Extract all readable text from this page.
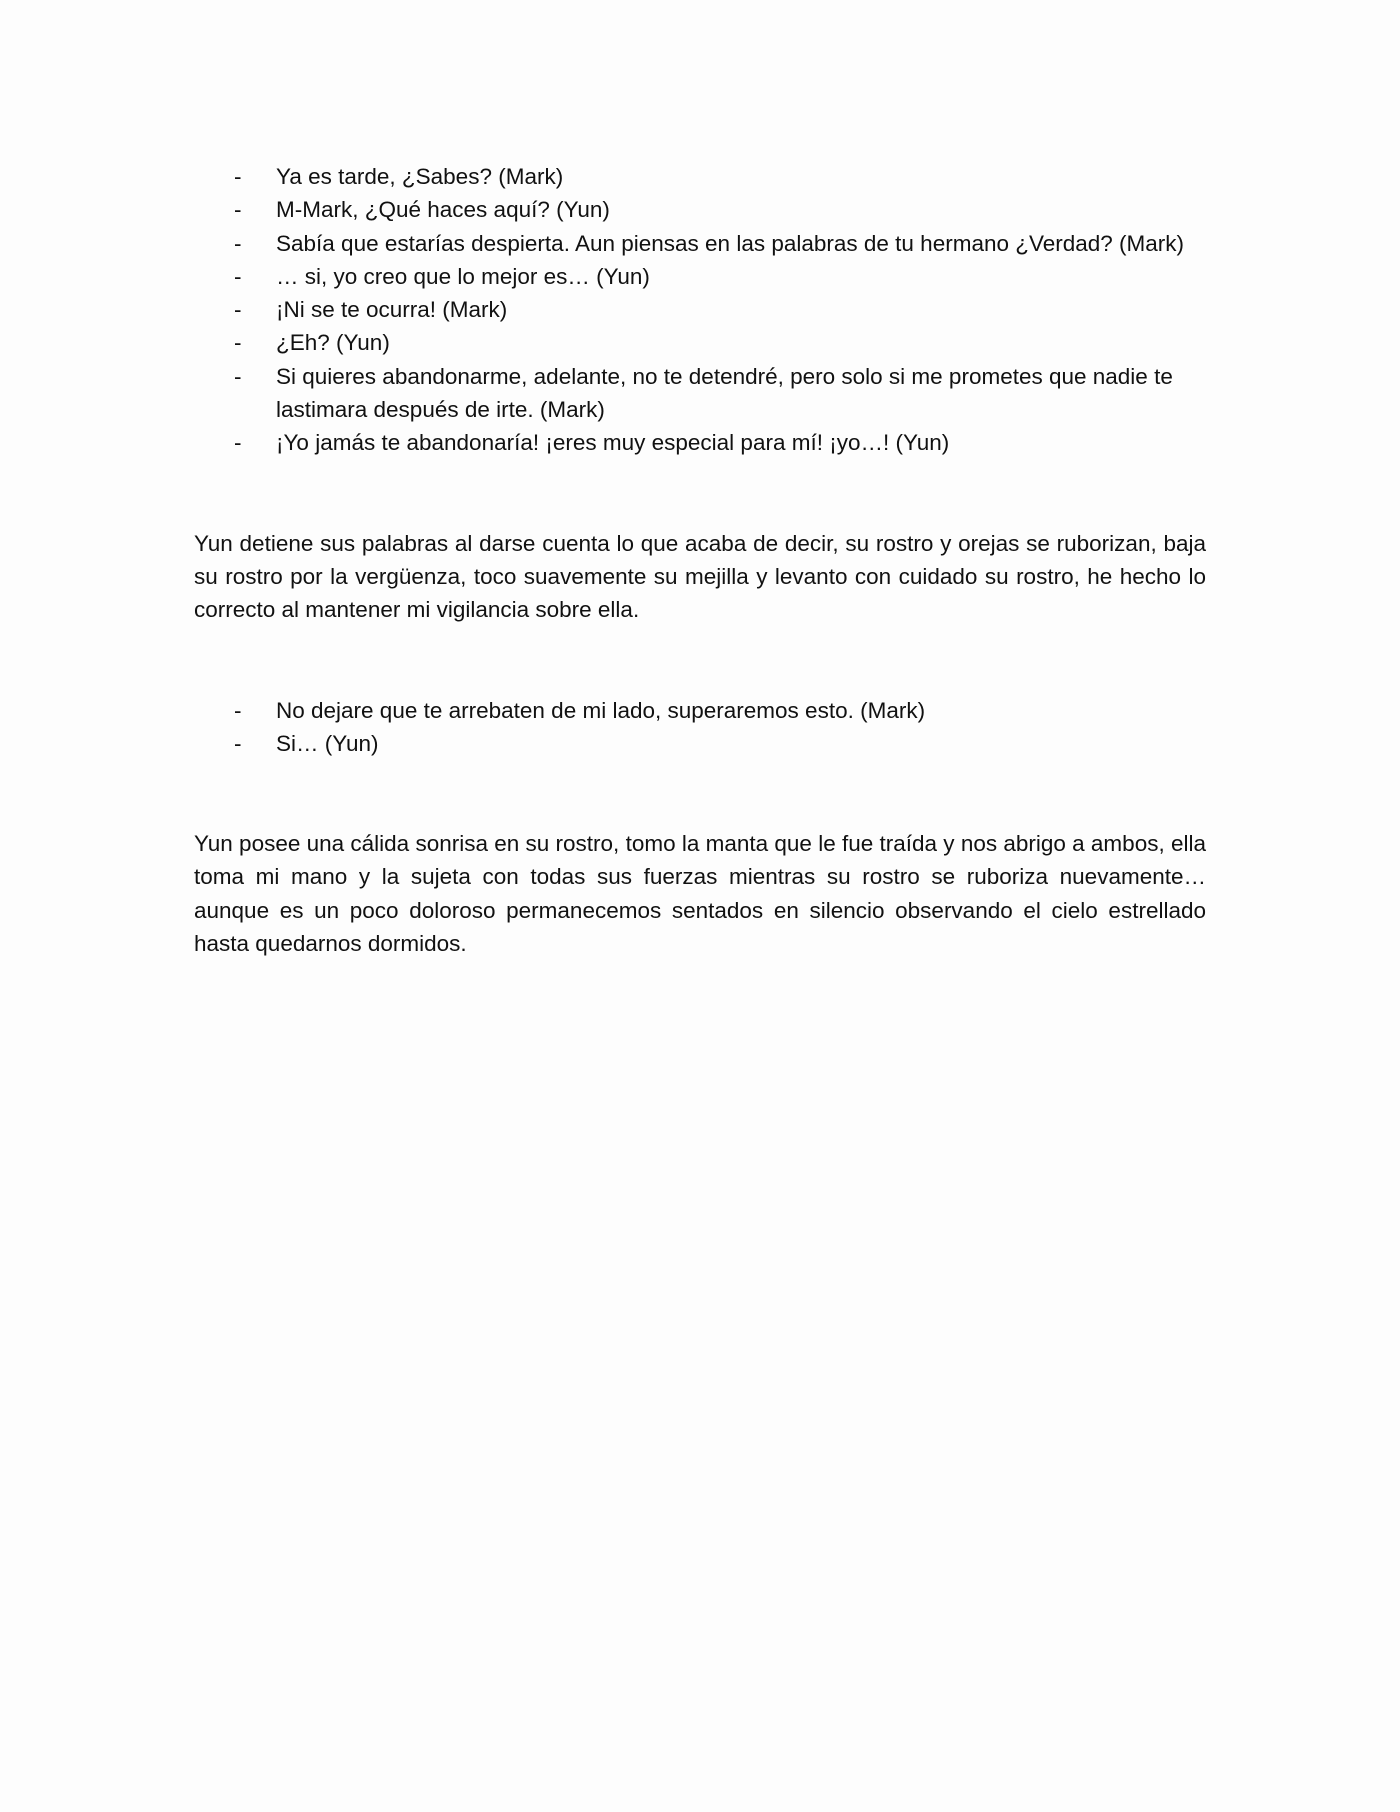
- Ya es tarde, ¿Sabes? (Mark)
- M-Mark, ¿Qué haces aquí? (Yun)
- Sabía que estarías despierta. Aun piensas en las palabras de tu hermano ¿Verdad? (Mark)
- … si, yo creo que lo mejor es… (Yun)
- ¡Ni se te ocurra! (Mark)
- ¿Eh? (Yun)
- Si quieres abandonarme, adelante, no te detendré, pero solo si me prometes que nadie te lastimara después de irte. (Mark)
- ¡Yo jamás te abandonaría! ¡eres muy especial para mí! ¡yo…! (Yun)

Yun detiene sus palabras al darse cuenta lo que acaba de decir, su rostro y orejas se ruborizan, baja su rostro por la vergüenza, toco suavemente su mejilla y levanto con cuidado su rostro, he hecho lo correcto al mantener mi vigilancia sobre ella.

- No dejare que te arrebaten de mi lado, superaremos esto. (Mark)
- Si… (Yun)

Yun posee una cálida sonrisa en su rostro, tomo la manta que le fue traída y nos abrigo a ambos, ella toma mi mano y la sujeta con todas sus fuerzas mientras su rostro se ruboriza nuevamente… aunque es un poco doloroso permanecemos sentados en silencio observando el cielo estrellado hasta quedarnos dormidos.
